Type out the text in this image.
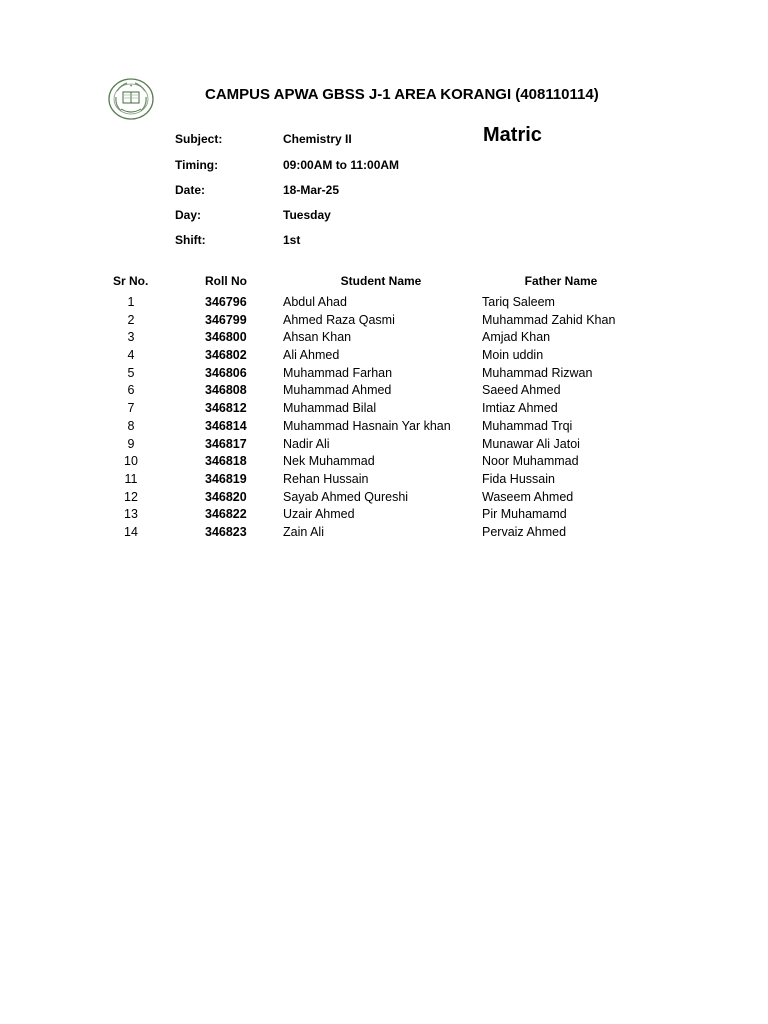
✦
CAMPUS APWA GBSS J-1 AREA KORANGI (408110114)
Matric
Subject:	Chemistry II
Timing:	09:00AM to 11:00AM
Date:	18-Mar-25
Day:	Tuesday
Shift:	1st
Sr No.	Roll No	Student Name	Father Name
1	346796	Abdul Ahad	Tariq Saleem
2	346799	Ahmed Raza Qasmi	Muhammad Zahid Khan
3	346800	Ahsan Khan	Amjad Khan
4	346802	Ali Ahmed	Moin uddin
5	346806	Muhammad Farhan	Muhammad Rizwan
6	346808	Muhammad Ahmed	Saeed Ahmed
7	346812	Muhammad Bilal	Imtiaz Ahmed
8	346814	Muhammad Hasnain Yar khan	Muhammad Trqi
9	346817	Nadir Ali	Munawar Ali Jatoi
10	346818	Nek Muhammad	Noor Muhammad
11	346819	Rehan Hussain	Fida Hussain
12	346820	Sayab Ahmed Qureshi	Waseem Ahmed
13	346822	Uzair Ahmed	Pir Muhamamd
14	346823	Zain Ali	Pervaiz Ahmed
